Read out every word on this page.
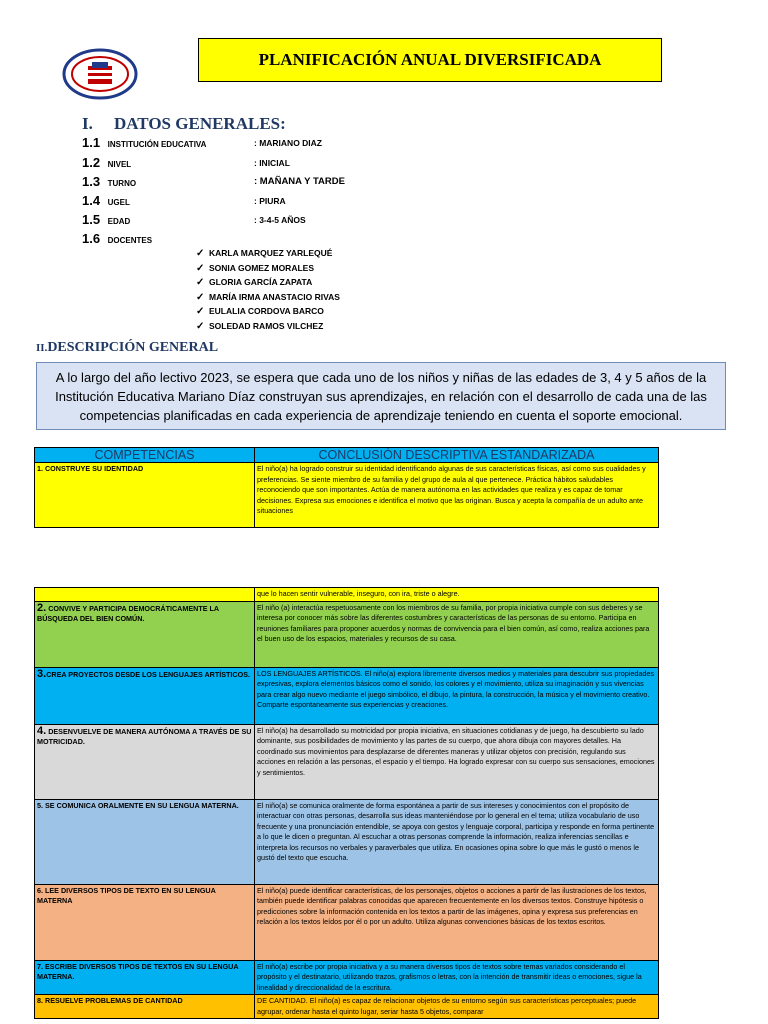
PLANIFICACIÓN ANUAL DIVERSIFICADA
I. DATOS GENERALES:
1.1 INSTITUCIÓN EDUCATIVA	: MARIANO DIAZ
1.2 NIVEL	: INICIAL
1.3 TURNO	: MAÑANA Y TARDE
1.4 UGEL	: PIURA
1.5 EDAD	: 3-4-5 AÑOS
1.6 DOCENTES
✓ KARLA MARQUEZ YARLEQUÉ
✓ SONIA GOMEZ MORALES
✓ GLORIA GARCÍA ZAPATA
✓ MARÍA IRMA ANASTACIO RIVAS
✓ EULALIA CORDOVA BARCO
✓ SOLEDAD RAMOS VILCHEZ
II.DESCRIPCIÓN GENERAL
A lo largo del año lectivo 2023, se espera que cada uno de los niños y niñas de las edades de 3, 4 y 5 años de la Institución Educativa Mariano Díaz construyan sus aprendizajes, en relación con el desarrollo de cada una de las competencias planificadas en cada experiencia de aprendizaje teniendo en cuenta el soporte emocional.
COMPETENCIAS	CONCLUSIÓN DESCRIPTIVA ESTANDARIZADA
1. CONSTRUYE SU IDENTIDAD	El niño(a) ha logrado construir su identidad identificando algunas de sus características físicas, así como sus cualidades y preferencias. Se siente miembro de su familia y del grupo de aula al que pertenece. Práctica hábitos saludables reconociendo que son importantes. Actúa de manera autónoma en las actividades que realiza y es capaz de tomar decisiones. Expresa sus emociones e identifica el motivo que las originan. Busca y acepta la compañía de un adulto ante situaciones
	que lo hacen sentir vulnerable, inseguro, con ira, triste o alegre.
2. CONVIVE Y PARTICIPA DEMOCRÁTICAMENTE LA BÚSQUEDA DEL BIEN COMÚN.	El niño (a) interactúa respetuosamente con los miembros de su familia, por propia iniciativa cumple con sus deberes y se interesa por conocer más sobre las diferentes costumbres y características de las personas de su entorno. Participa en reuniones familiares para proponer acuerdos y normas de convivencia para el bien común, así como, realiza acciones para el buen uso de los espacios, materiales y recursos de su casa.
3.CREA PROYECTOS DESDE LOS LENGUAJES ARTÍSTICOS.	LOS LENGUAJES ARTÍSTICOS. El niño(a) explora libremente diversos medios y materiales para descubrir sus propiedades expresivas, explora elementos básicos como el sonido, los colores y el movimiento, utiliza su imaginación y sus vivencias para crear algo nuevo mediante el juego simbólico, el dibujo, la pintura, la construcción, la música y el movimiento creativo. Comparte espontaneamente sus experiencias y creaciones.
4. DESENVUELVE DE MANERA AUTÓNOMA A TRAVÉS DE SU MOTRICIDAD.	El niño(a) ha desarrollado su motricidad por propia iniciativa, en situaciones cotidianas y de juego, ha descubierto su lado dominante, sus posibilidades de movimiento y las partes de su cuerpo, que ahora dibuja con mayores detalles. Ha coordinado sus movimientos para desplazarse de diferentes maneras y utilizar objetos con precisión, regulando sus acciones en relación a las personas, el espacio y el tiempo. Ha logrado expresar con su cuerpo sus sensaciones, emociones y sentimientos.
5. SE COMUNICA ORALMENTE EN SU LENGUA MATERNA.	El niño(a) se comunica oralmente de forma espontánea a partir de sus intereses y conocimientos con el propósito de interactuar con otras personas, desarrolla sus ideas manteniéndose por lo general en el tema; utiliza vocabulario de uso frecuente y una pronunciación entendible, se apoya con gestos y lenguaje corporal, participa y responde en forma pertinente a lo que le dicen o preguntan. Al escuchar a otras personas comprende la información, realiza inferencias sencillas e interpreta los recursos no verbales y paraverbales que utiliza. En ocasiones opina sobre lo que más le gustó o menos le gustó del texto que escucha.
6. LEE DIVERSOS TIPOS DE TEXTO EN SU LENGUA MATERNA	El niño(a) puede identificar características, de los personajes, objetos o acciones a partir de las ilustraciones de los textos, también puede identificar palabras conocidas que aparecen frecuentemente en los diversos textos. Construye hipótesis o predicciones sobre la información contenida en los textos a partir de las imágenes, opina y expresa sus preferencias en relación a los textos leídos por él o por un adulto. Utiliza algunas convenciones básicas de los textos escritos.
7. ESCRIBE DIVERSOS TIPOS DE TEXTOS EN SU LENGUA MATERNA.	El niño(a) escribe por propia iniciativa y a su manera diversos tipos de textos sobre temas variados considerando el propósito y el destinatario, utilizando trazos, grafismos o letras, con la intención de transmitir ideas o emociones, sigue la linealidad y direccionalidad de la escritura.
8. RESUELVE PROBLEMAS DE CANTIDAD	DE CANTIDAD. El niño(a) es capaz de relacionar objetos de su entorno según sus características perceptuales; puede agrupar, ordenar hasta el quinto lugar, seriar hasta 5 objetos, comparar
